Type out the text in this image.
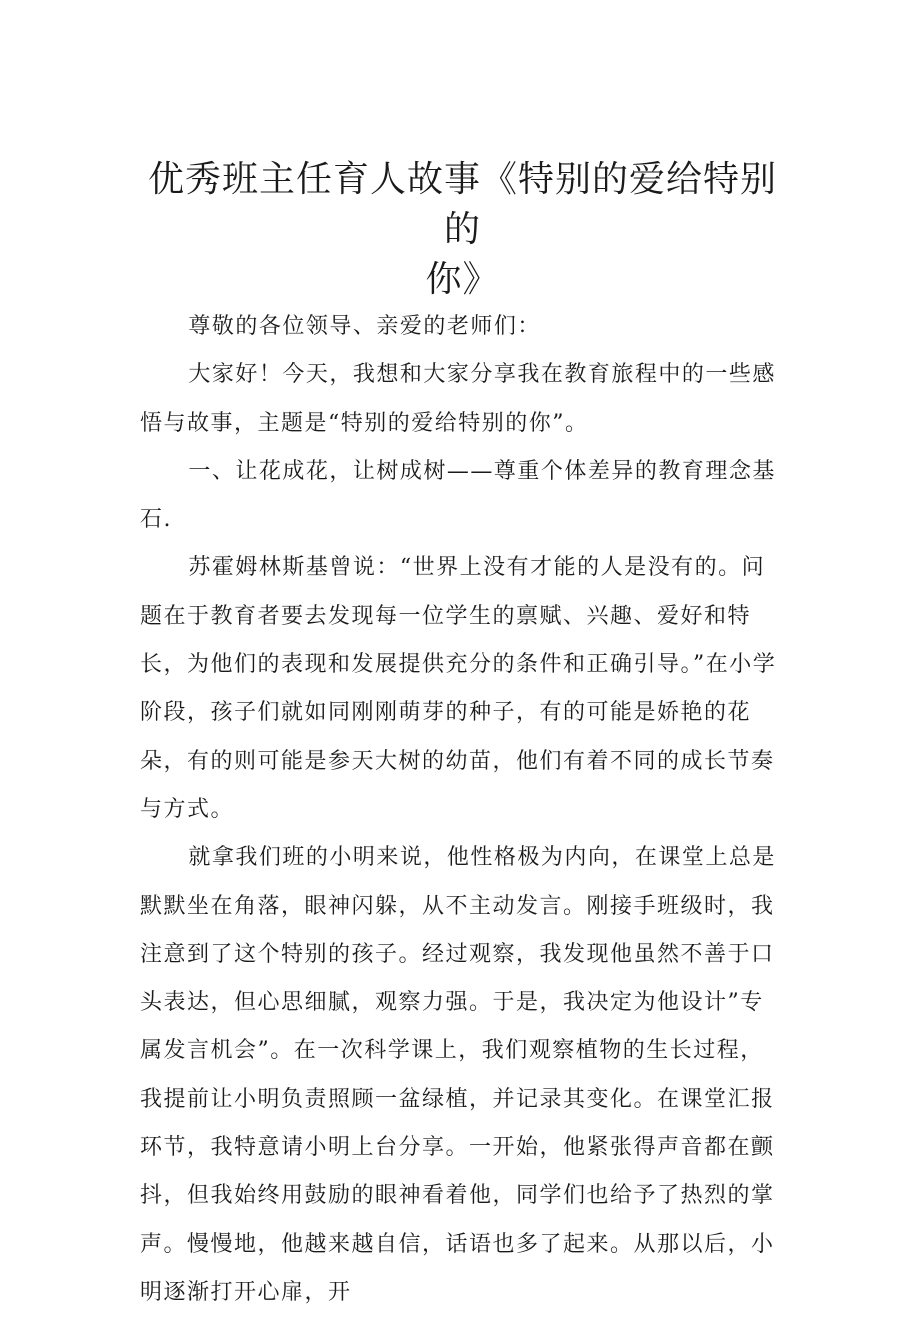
优秀班主任育人故事《特别的爱给特别的
你》

尊敬的各位领导、亲爱的老师们：

大家好！今天，我想和大家分享我在教育旅程中的一些感悟与故事，主题是“特别的爱给特别的你”。

一、让花成花，让树成树——尊重个体差异的教育理念基石.

苏霍姆林斯基曾说：“世界上没有才能的人是没有的。问题在于教育者要去发现每一位学生的禀赋、兴趣、爱好和特长，为他们的表现和发展提供充分的条件和正确引导。”在小学阶段，孩子们就如同刚刚萌芽的种子，有的可能是娇艳的花朵，有的则可能是参天大树的幼苗，他们有着不同的成长节奏与方式。

就拿我们班的小明来说，他性格极为内向，在课堂上总是默默坐在角落，眼神闪躲，从不主动发言。刚接手班级时，我注意到了这个特别的孩子。经过观察，我发现他虽然不善于口头表达，但心思细腻，观察力强。于是，我决定为他设计”专属发言机会”。在一次科学课上，我们观察植物的生长过程，我提前让小明负责照顾一盆绿植，并记录其变化。在课堂汇报环节，我特意请小明上台分享。一开始，他紧张得声音都在颤抖，但我始终用鼓励的眼神看着他，同学们也给予了热烈的掌声。慢慢地，他越来越自信，话语也多了起来。从那以后，小明逐渐打开心扉，开
